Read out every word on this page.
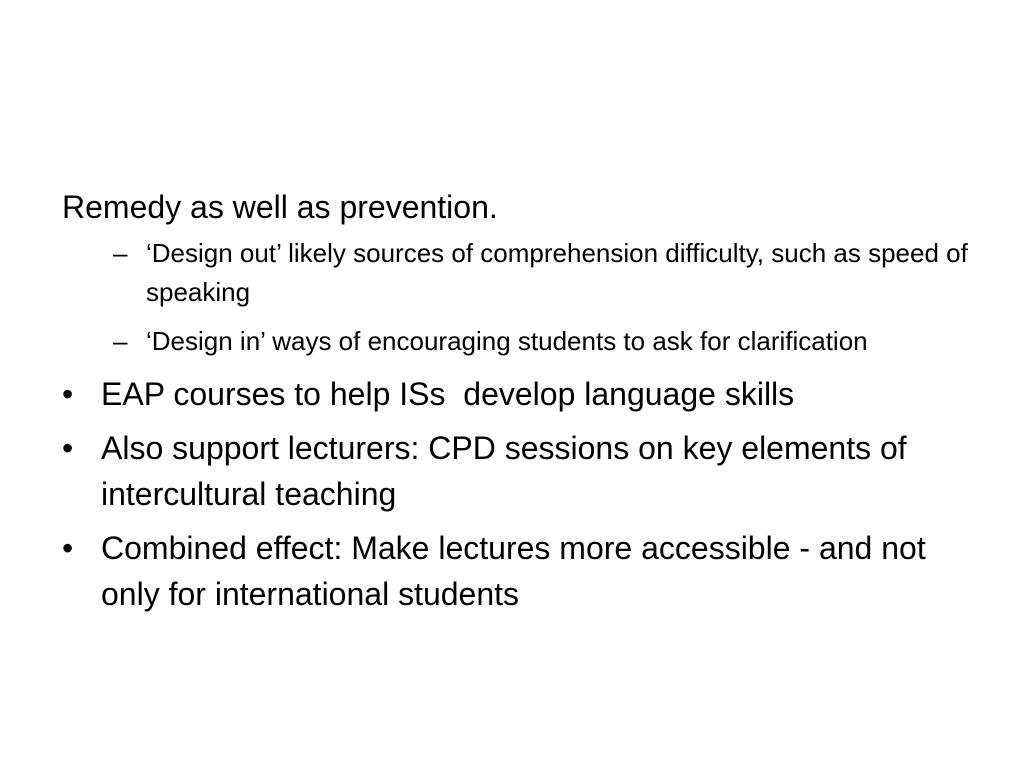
Remedy as well as prevention.

– ‘Design out’ likely sources of comprehension difficulty, such as speed of speaking
– ‘Design in’ ways of encouraging students to ask for clarification
• EAP courses to help ISs  develop language skills
• Also support lecturers: CPD sessions on key elements of intercultural teaching
• Combined effect: Make lectures more accessible - and not only for international students
